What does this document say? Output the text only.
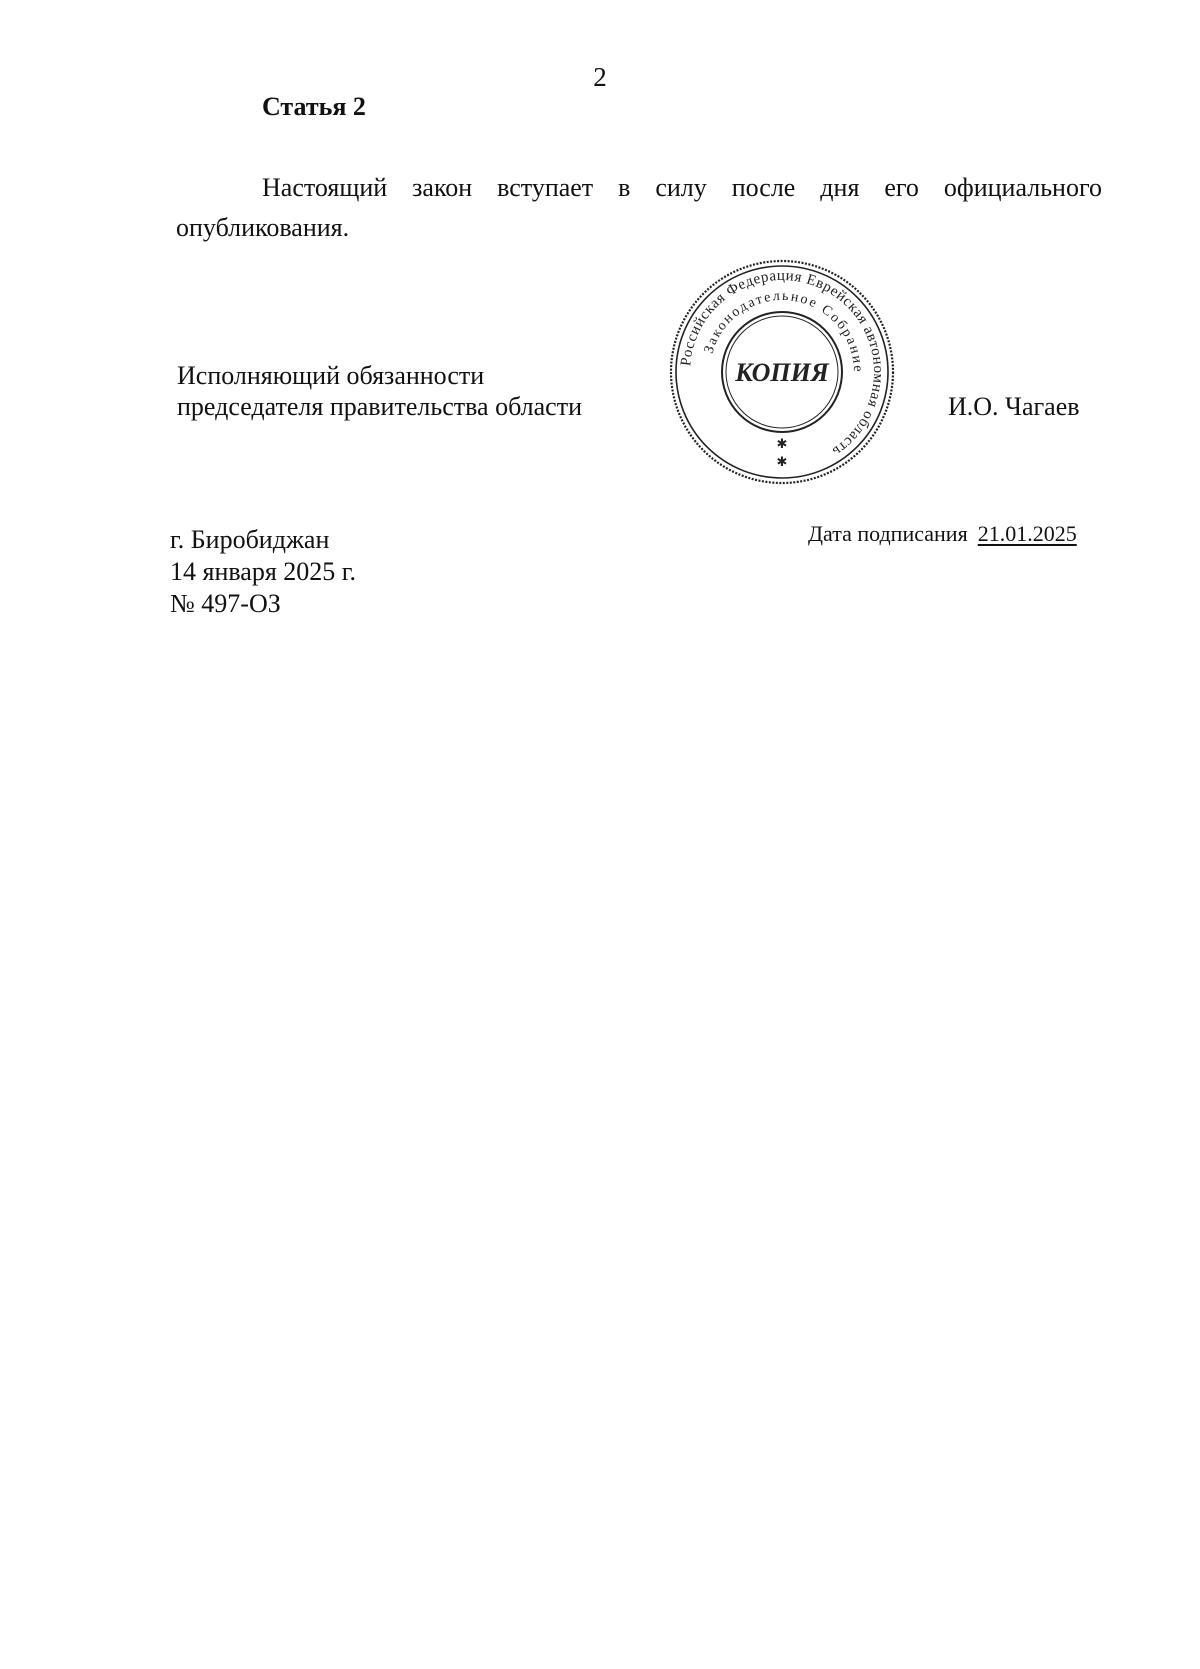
2
Статья 2
Настоящий закон вступает в силу после дня его официального опубликования.
Исполняющий обязанности
председателя правительства области	И.О. Чагаев
Российская Федерация Еврейская автономная область
Законодательное Собрание
КОПИЯ
✱
✱
г. Биробиджан
14 января 2025 г.
№ 497-ОЗ
Дата подписания 21.01.2025
